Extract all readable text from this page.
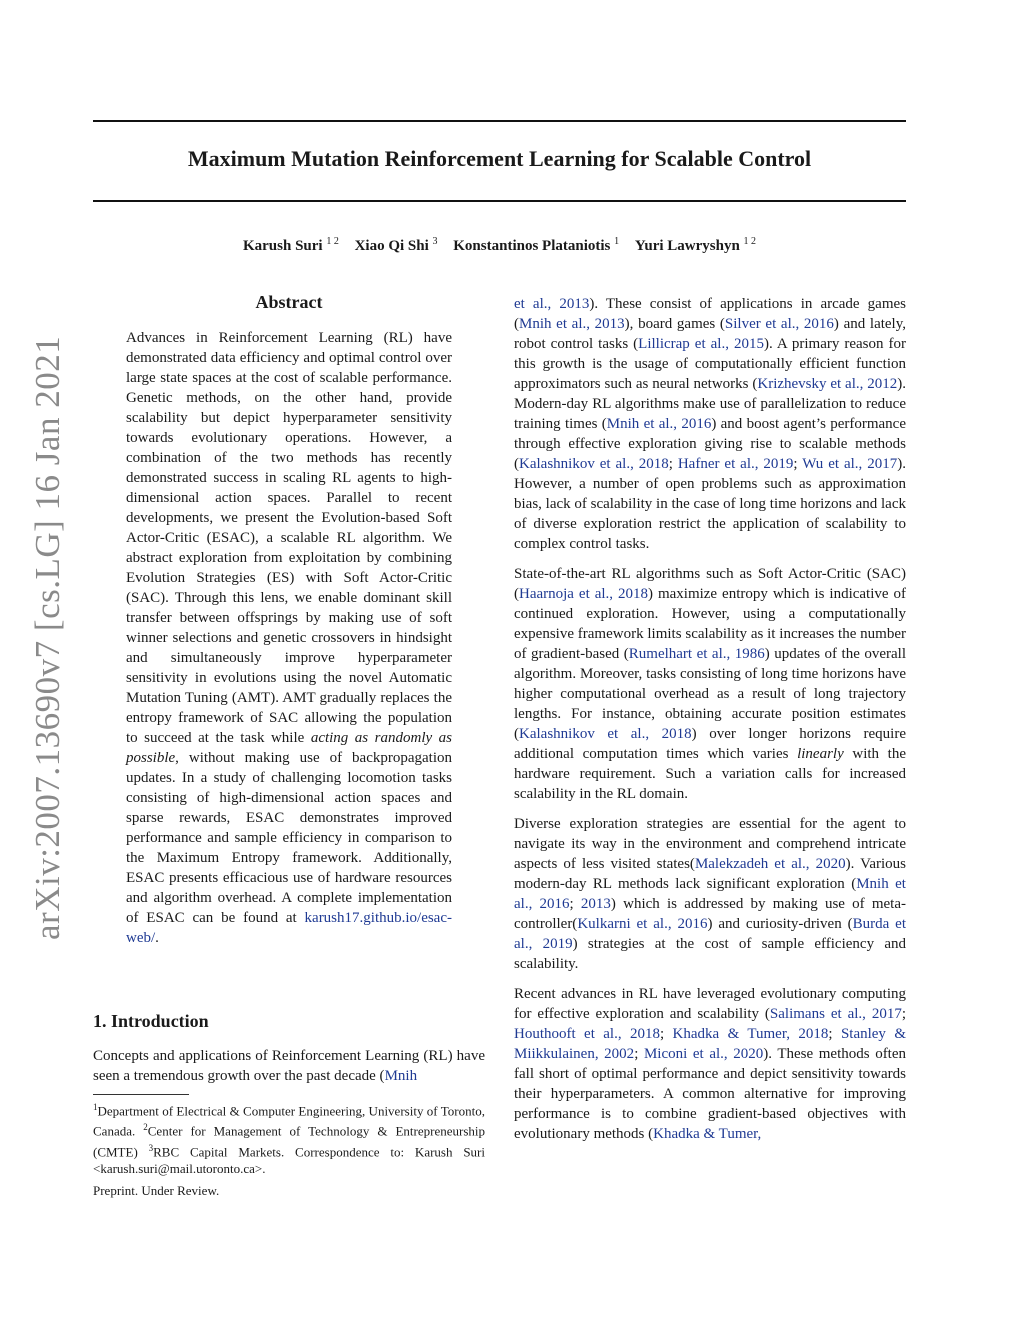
arXiv:2007.13690v7 [cs.LG] 16 Jan 2021
Maximum Mutation Reinforcement Learning for Scalable Control
Karush Suri $^{1 2}$ Xiao Qi Shi $^3$ Konstantinos Plataniotis $^1$ Yuri Lawryshyn $^{1 2}$
Abstract

Advances in Reinforcement Learning (RL) have demonstrated data efficiency and optimal control over large state spaces at the cost of scalable performance. Genetic methods, on the other hand, provide scalability but depict hyperparameter sensitivity towards evolutionary operations. However, a combination of the two methods has recently demonstrated success in scaling RL agents to high-dimensional action spaces. Parallel to recent developments, we present the Evolution-based Soft Actor-Critic (ESAC), a scalable RL algorithm. We abstract exploration from exploitation by combining Evolution Strategies (ES) with Soft Actor-Critic (SAC). Through this lens, we enable dominant skill transfer between offsprings by making use of soft winner selections and genetic crossovers in hindsight and simultaneously improve hyperparameter sensitivity in evolutions using the novel Automatic Mutation Tuning (AMT). AMT gradually replaces the entropy framework of SAC allowing the population to succeed at the task while acting as randomly as possible, without making use of backpropagation updates. In a study of challenging locomotion tasks consisting of high-dimensional action spaces and sparse rewards, ESAC demonstrates improved performance and sample efficiency in comparison to the Maximum Entropy framework. Additionally, ESAC presents efficacious use of hardware resources and algorithm overhead. A complete implementation of ESAC can be found at karush17.github.io/esac-web/.

1. Introduction

Concepts and applications of Reinforcement Learning (RL) have seen a tremendous growth over the past decade (Mnih

$^1$Department of Electrical & Computer Engineering, University of Toronto, Canada. $^2$Center for Management of Technology & Entrepreneurship (CMTE) $^3$RBC Capital Markets. Correspondence to: Karush Suri <karush.suri@mail.utoronto.ca>.

Preprint. Under Review.

et al., 2013). These consist of applications in arcade games (Mnih et al., 2013), board games (Silver et al., 2016) and lately, robot control tasks (Lillicrap et al., 2015). A primary reason for this growth is the usage of computationally efficient function approximators such as neural networks (Krizhevsky et al., 2012). Modern-day RL algorithms make use of parallelization to reduce training times (Mnih et al., 2016) and boost agent’s performance through effective exploration giving rise to scalable methods (Kalashnikov et al., 2018; Hafner et al., 2019; Wu et al., 2017). However, a number of open problems such as approximation bias, lack of scalability in the case of long time horizons and lack of diverse exploration restrict the application of scalability to complex control tasks.

State-of-the-art RL algorithms such as Soft Actor-Critic (SAC) (Haarnoja et al., 2018) maximize entropy which is indicative of continued exploration. However, using a computationally expensive framework limits scalability as it increases the number of gradient-based (Rumelhart et al., 1986) updates of the overall algorithm. Moreover, tasks consisting of long time horizons have higher computational overhead as a result of long trajectory lengths. For instance, obtaining accurate position estimates (Kalashnikov et al., 2018) over longer horizons require additional computation times which varies linearly with the hardware requirement. Such a variation calls for increased scalability in the RL domain.

Diverse exploration strategies are essential for the agent to navigate its way in the environment and comprehend intricate aspects of less visited states(Malekzadeh et al., 2020). Various modern-day RL methods lack significant exploration (Mnih et al., 2016; 2013) which is addressed by making use of meta-controller(Kulkarni et al., 2016) and curiosity-driven (Burda et al., 2019) strategies at the cost of sample efficiency and scalability.

Recent advances in RL have leveraged evolutionary computing for effective exploration and scalability (Salimans et al., 2017; Houthooft et al., 2018; Khadka & Tumer, 2018; Stanley & Miikkulainen, 2002; Miconi et al., 2020). These methods often fall short of optimal performance and depict sensitivity towards their hyperparameters. A common alternative for improving performance is to combine gradient-based objectives with evolutionary methods (Khadka & Tumer,
